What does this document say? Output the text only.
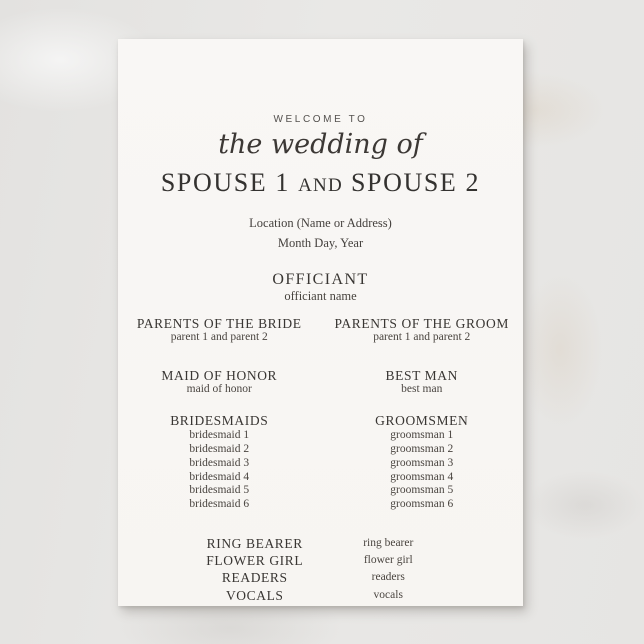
WELCOME TO
the wedding of
SPOUSE 1 AND SPOUSE 2
Location (Name or Address)
Month Day, Year
OFFICIANT
officiant name
PARENTS OF THE BRIDE
parent 1 and parent 2
MAID OF HONOR
maid of honor
BRIDESMAIDS
bridesmaid 1
bridesmaid 2
bridesmaid 3
bridesmaid 4
bridesmaid 5
bridesmaid 6
PARENTS OF THE GROOM
parent 1 and parent 2
BEST MAN
best man
GROOMSMEN
groomsman 1
groomsman 2
groomsman 3
groomsman 4
groomsman 5
groomsman 6
RING BEARER	ring bearer
FLOWER GIRL	flower girl
READERS	readers
VOCALS	vocals
